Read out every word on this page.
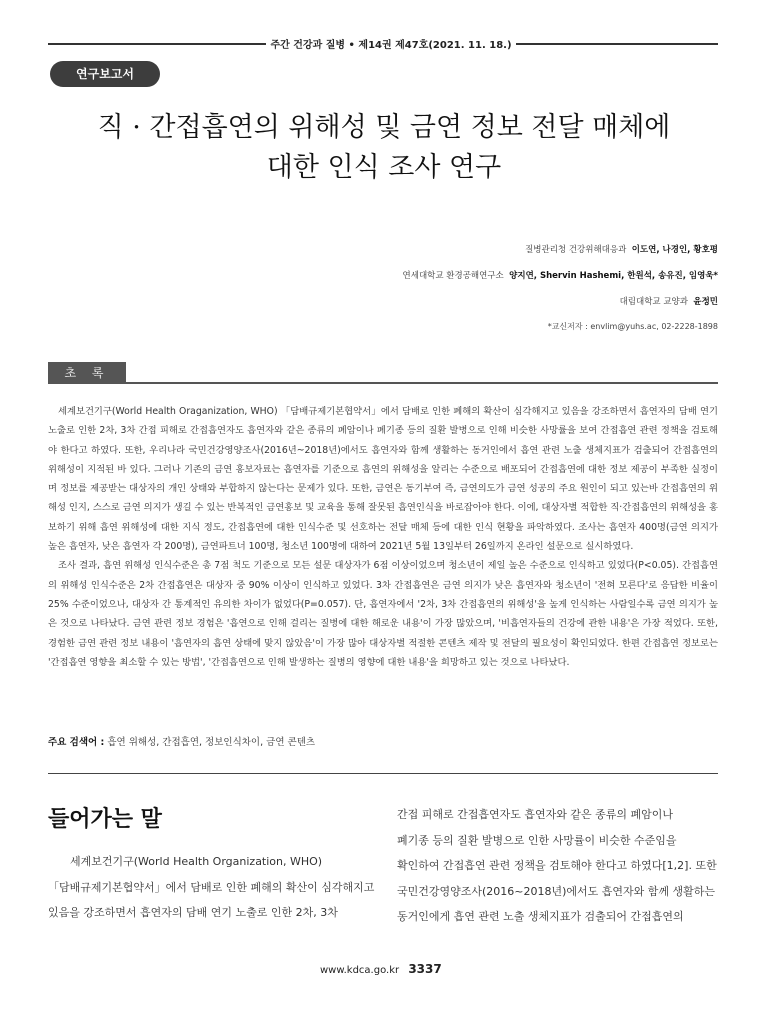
주간 건강과 질병 • 제14권 제47호(2021. 11. 18.)
연구보고서
직 · 간접흡연의 위해성 및 금연 정보 전달 매체에
대한 인식 조사 연구
질병관리청 건강위해대응과 이도연, 나경인, 황호평
연세대학교 환경공해연구소 양지연, Shervin Hashemi, 한원석, 송유진, 임영욱*
대림대학교 교양과 윤정민
*교신저자 : envlim@yuhs.ac, 02-2228-1898
초 록

세계보건기구(World Health Oraganization, WHO) 「담배규제기본협약서」에서 담배로 인한 폐해의 확산이 심각해지고 있음을 강조하면서 흡연자의 담배 연기 노출로 인한 2차, 3차 간접 피해로 간접흡연자도 흡연자와 같은 종류의 폐암이나 폐기종 등의 질환 발병으로 인해 비슷한 사망률을 보여 간접흡연 관련 정책을 검토해야 한다고 하였다. 또한, 우리나라 국민건강영양조사(2016년~2018년)에서도 흡연자와 함께 생활하는 동거인에서 흡연 관련 노출 생체지표가 검출되어 간접흡연의 위해성이 지적된 바 있다. 그러나 기존의 금연 홍보자료는 흡연자를 기준으로 흡연의 위해성을 알리는 수준으로 배포되어 간접흡연에 대한 정보 제공이 부족한 실정이며 정보를 제공받는 대상자의 개인 상태와 부합하지 않는다는 문제가 있다. 또한, 금연은 동기부여 즉, 금연의도가 금연 성공의 주요 원인이 되고 있는바 간접흡연의 위해성 인지, 스스로 금연 의지가 생길 수 있는 반복적인 금연홍보 및 교육을 통해 잘못된 흡연인식을 바로잡아야 한다. 이에, 대상자별 적합한 직·간접흡연의 위해성을 홍보하기 위해 흡연 위해성에 대한 지식 정도, 간접흡연에 대한 인식수준 및 선호하는 전달 매체 등에 대한 인식 현황을 파악하였다. 조사는 흡연자 400명(금연 의지가 높은 흡연자, 낮은 흡연자 각 200명), 금연파트너 100명, 청소년 100명에 대하여 2021년 5월 13일부터 26일까지 온라인 설문으로 실시하였다.

조사 결과, 흡연 위해성 인식수준은 총 7점 척도 기준으로 모든 설문 대상자가 6점 이상이었으며 청소년이 제일 높은 수준으로 인식하고 있었다(P<0.05). 간접흡연의 위해성 인식수준은 2차 간접흡연은 대상자 중 90% 이상이 인식하고 있었다. 3차 간접흡연은 금연 의지가 낮은 흡연자와 청소년이 '전혀 모른다'로 응답한 비율이 25% 수준이었으나, 대상자 간 통계적인 유의한 차이가 없었다(P=0.057). 단, 흡연자에서 '2차, 3차 간접흡연의 위해성'을 높게 인식하는 사람일수록 금연 의지가 높은 것으로 나타났다. 금연 관련 정보 경험은 '흡연으로 인해 걸리는 질병에 대한 해로운 내용'이 가장 많았으며, '비흡연자들의 건강에 관한 내용'은 가장 적었다. 또한, 경험한 금연 관련 정보 내용이 '흡연자의 흡연 상태에 맞지 않았음'이 가장 많아 대상자별 적절한 콘텐츠 제작 및 전달의 필요성이 확인되었다. 한편 간접흡연 정보로는 '간접흡연 영향을 최소할 수 있는 방법', '간접흡연으로 인해 발생하는 질병의 영향에 대한 내용'을 희망하고 있는 것으로 나타났다.

주요 검색어 : 흡연 위해성, 간접흡연, 정보인식차이, 금연 콘텐츠
들어가는 말
세계보건기구(World Health Organization, WHO)
「담배규제기본협약서」에서 담배로 인한 폐해의 확산이 심각해지고
있음을 강조하면서 흡연자의 담배 연기 노출로 인한 2차, 3차
간접 피해로 간접흡연자도 흡연자와 같은 종류의 폐암이나
폐기종 등의 질환 발병으로 인한 사망률이 비슷한 수준임을
확인하여 간접흡연 관련 정책을 검토해야 한다고 하였다[1,2]. 또한
국민건강영양조사(2016~2018년)에서도 흡연자와 함께 생활하는
동거인에게 흡연 관련 노출 생체지표가 검출되어 간접흡연의
www.kdca.go.kr 3337
